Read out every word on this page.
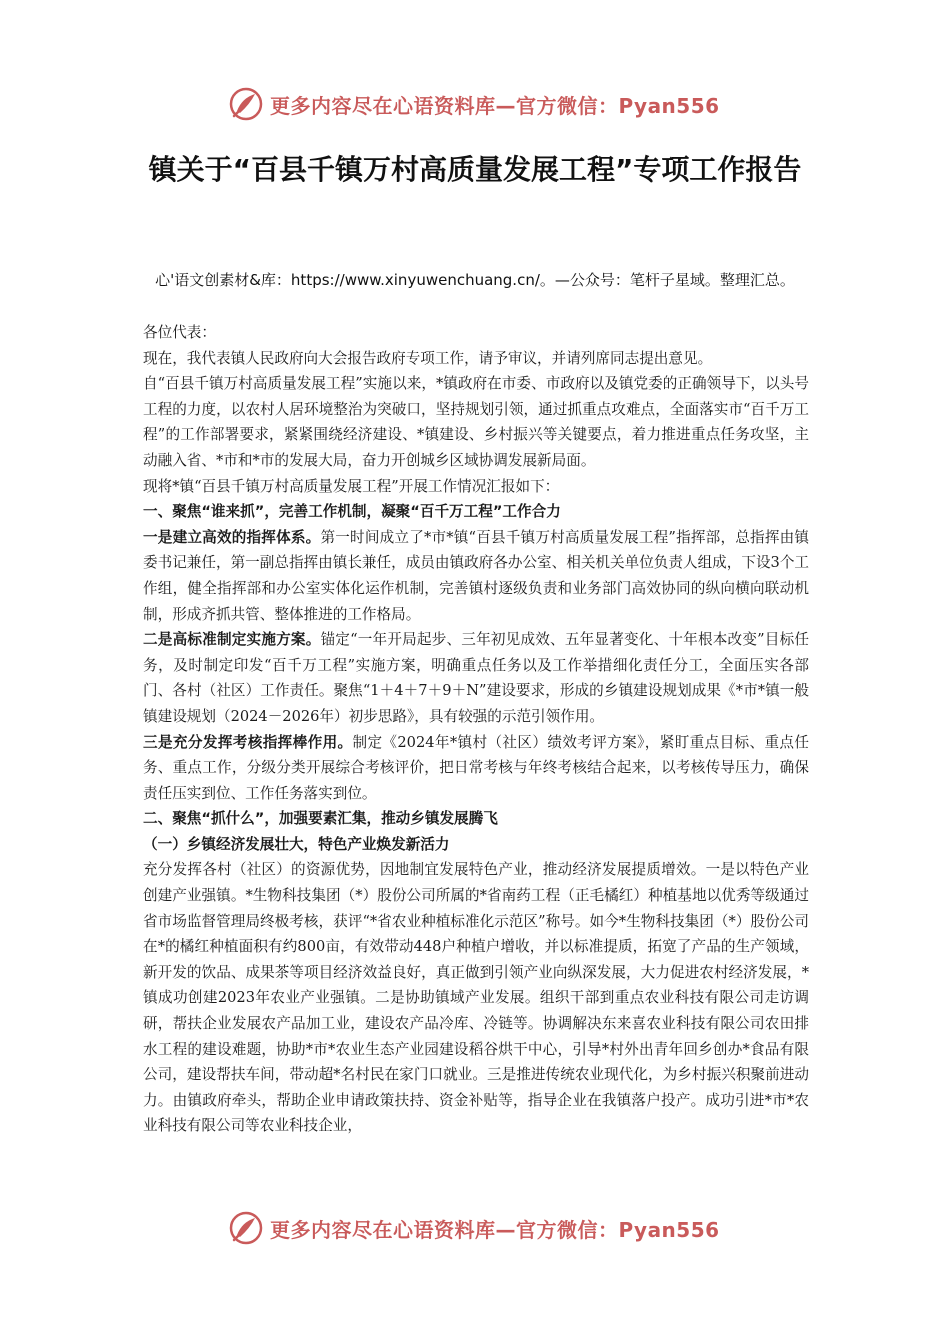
更多内容尽在心语资料库—官方微信：Pyan556
镇关于“百县千镇万村高质量发展工程”专项工作报告
心'语文创素材&库：https://www.xinyuwenchuang.cn/。—公众号：笔杆子星域。整理汇总。

各位代表：

现在，我代表镇人民政府向大会报告政府专项工作，请予审议，并请列席同志提出意见。

自“百县千镇万村高质量发展工程”实施以来，*镇政府在市委、市政府以及镇党委的正确领导下，以头号工程的力度，以农村人居环境整治为突破口，坚持规划引领，通过抓重点攻难点，全面落实市“百千万工程”的工作部署要求，紧紧围绕经济建设、*镇建设、乡村振兴等关键要点，着力推进重点任务攻坚，主动融入省、*市和*市的发展大局，奋力开创城乡区域协调发展新局面。

现将*镇“百县千镇万村高质量发展工程”开展工作情况汇报如下：

一、聚焦“谁来抓”，完善工作机制，凝聚“百千万工程”工作合力

一是建立高效的指挥体系。第一时间成立了*市*镇“百县千镇万村高质量发展工程”指挥部，总指挥由镇委书记兼任，第一副总指挥由镇长兼任，成员由镇政府各办公室、相关机关单位负责人组成，下设3个工作组，健全指挥部和办公室实体化运作机制，完善镇村逐级负责和业务部门高效协同的纵向横向联动机制，形成齐抓共管、整体推进的工作格局。

二是高标准制定实施方案。锚定“一年开局起步、三年初见成效、五年显著变化、十年根本改变”目标任务，及时制定印发“百千万工程”实施方案，明确重点任务以及工作举措细化责任分工，全面压实各部门、各村（社区）工作责任。聚焦“1＋4＋7＋9＋N”建设要求，形成的乡镇建设规划成果《*市*镇一般镇建设规划（2024－2026年）初步思路》，具有较强的示范引领作用。

三是充分发挥考核指挥棒作用。制定《2024年*镇村（社区）绩效考评方案》，紧盯重点目标、重点任务、重点工作，分级分类开展综合考核评价，把日常考核与年终考核结合起来，以考核传导压力，确保责任压实到位、工作任务落实到位。

二、聚焦“抓什么”，加强要素汇集，推动乡镇发展腾飞

（一）乡镇经济发展壮大，特色产业焕发新活力

充分发挥各村（社区）的资源优势，因地制宜发展特色产业，推动经济发展提质增效。一是以特色产业创建产业强镇。*生物科技集团（*）股份公司所属的*省南药工程（正毛橘红）种植基地以优秀等级通过省市场监督管理局终极考核，获评“*省农业种植标准化示范区”称号。如今*生物科技集团（*）股份公司在*的橘红种植面积有约800亩，有效带动448户种植户增收，并以标准提质，拓宽了产品的生产领域，新开发的饮品、成果茶等项目经济效益良好，真正做到引领产业向纵深发展，大力促进农村经济发展，*镇成功创建2023年农业产业强镇。二是协助镇域产业发展。组织干部到重点农业科技有限公司走访调研，帮扶企业发展农产品加工业，建设农产品冷库、冷链等。协调解决东来喜农业科技有限公司农田排水工程的建设难题，协助*市*农业生态产业园建设稻谷烘干中心，引导*村外出青年回乡创办*食品有限公司，建设帮扶车间，带动超*名村民在家门口就业。三是推进传统农业现代化，为乡村振兴积聚前进动力。由镇政府牵头，帮助企业申请政策扶持、资金补贴等，指导企业在我镇落户投产。成功引进*市*农业科技有限公司等农业科技企业，

更多内容尽在心语资料库—官方微信：Pyan556
